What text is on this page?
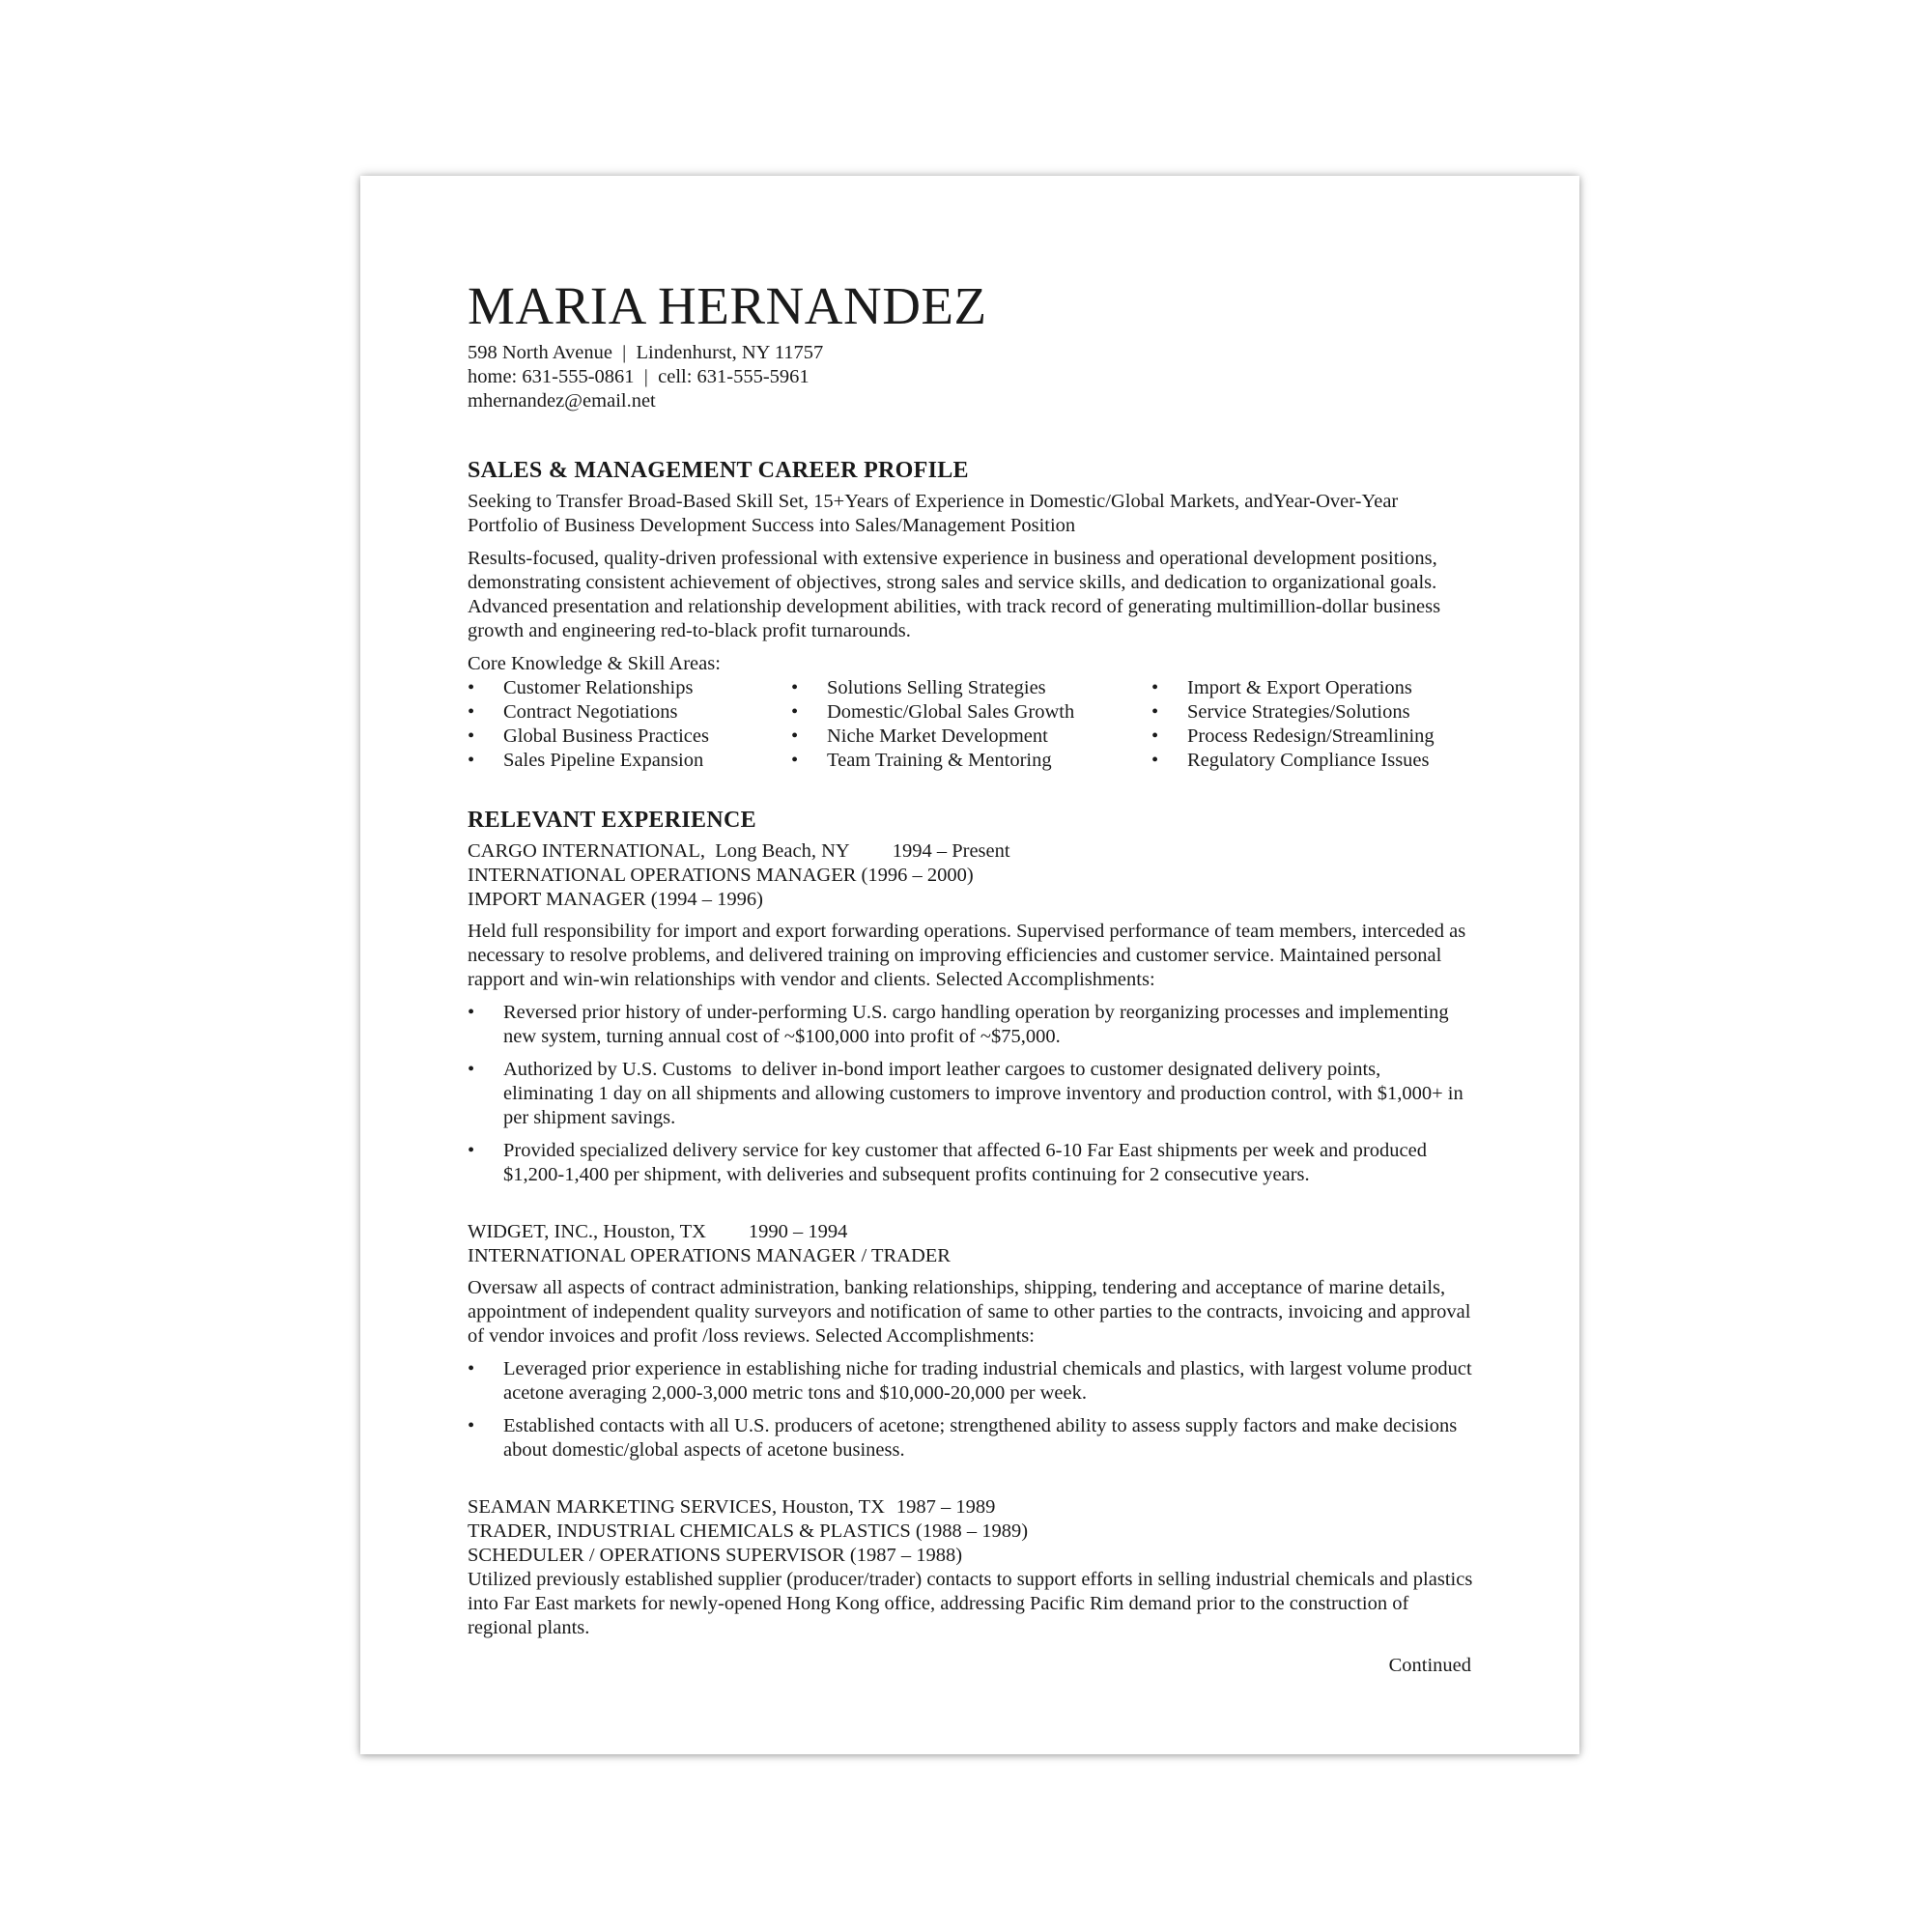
MARIA HERNANDEZ
598 North Avenue  |  Lindenhurst, NY 11757
home: 631-555-0861  |  cell: 631-555-5961
mhernandez@email.net
SALES & MANAGEMENT CAREER PROFILE

Seeking to Transfer Broad-Based Skill Set, 15+Years of Experience in Domestic/Global Markets, andYear-Over-Year Portfolio of Business Development Success into Sales/Management Position

Results-focused, quality-driven professional with extensive experience in business and operational development positions, demonstrating consistent achievement of objectives, strong sales and service skills, and dedication to organizational goals. Advanced presentation and relationship development abilities, with track record of generating multimillion-dollar business growth and engineering red-to-black profit turnarounds.

Core Knowledge & Skill Areas:
• Customer Relationships
• Contract Negotiations
• Global Business Practices
• Sales Pipeline Expansion
• Solutions Selling Strategies
• Domestic/Global Sales Growth
• Niche Market Development
• Team Training & Mentoring
• Import & Export Operations
• Service Strategies/Solutions
• Process Redesign/Streamlining
• Regulatory Compliance Issues
RELEVANT EXPERIENCE
CARGO INTERNATIONAL,  Long Beach, NY 1994 – Present
INTERNATIONAL OPERATIONS MANAGER (1996 – 2000)
IMPORT MANAGER (1994 – 1996)

Held full responsibility for import and export forwarding operations. Supervised performance of team members, interceded as necessary to resolve problems, and delivered training on improving efficiencies and customer service. Maintained personal rapport and win-win relationships with vendor and clients. Selected Accomplishments:

• Reversed prior history of under-performing U.S. cargo handling operation by reorganizing processes and implementing new system, turning annual cost of ~$100,000 into profit of ~$75,000.
• Authorized by U.S. Customs  to deliver in-bond import leather cargoes to customer designated delivery points, eliminating 1 day on all shipments and allowing customers to improve inventory and production control, with $1,000+ in per shipment savings.
• Provided specialized delivery service for key customer that affected 6-10 Far East shipments per week and produced $1,200-1,400 per shipment, with deliveries and subsequent profits continuing for 2 consecutive years.
WIDGET, INC., Houston, TX 1990 – 1994
INTERNATIONAL OPERATIONS MANAGER / TRADER

Oversaw all aspects of contract administration, banking relationships, shipping, tendering and acceptance of marine details, appointment of independent quality surveyors and notification of same to other parties to the contracts, invoicing and approval of vendor invoices and profit /loss reviews. Selected Accomplishments:

• Leveraged prior experience in establishing niche for trading industrial chemicals and plastics, with largest volume product acetone averaging 2,000-3,000 metric tons and $10,000-20,000 per week.
• Established contacts with all U.S. producers of acetone; strengthened ability to assess supply factors and make decisions about domestic/global aspects of acetone business.
SEAMAN MARKETING SERVICES, Houston, TX 1987 – 1989
TRADER, INDUSTRIAL CHEMICALS & PLASTICS (1988 – 1989)
SCHEDULER / OPERATIONS SUPERVISOR (1987 – 1988)

Utilized previously established supplier (producer/trader) contacts to support efforts in selling industrial chemicals and plastics into Far East markets for newly-opened Hong Kong office, addressing Pacific Rim demand prior to the construction of regional plants.

Continued
